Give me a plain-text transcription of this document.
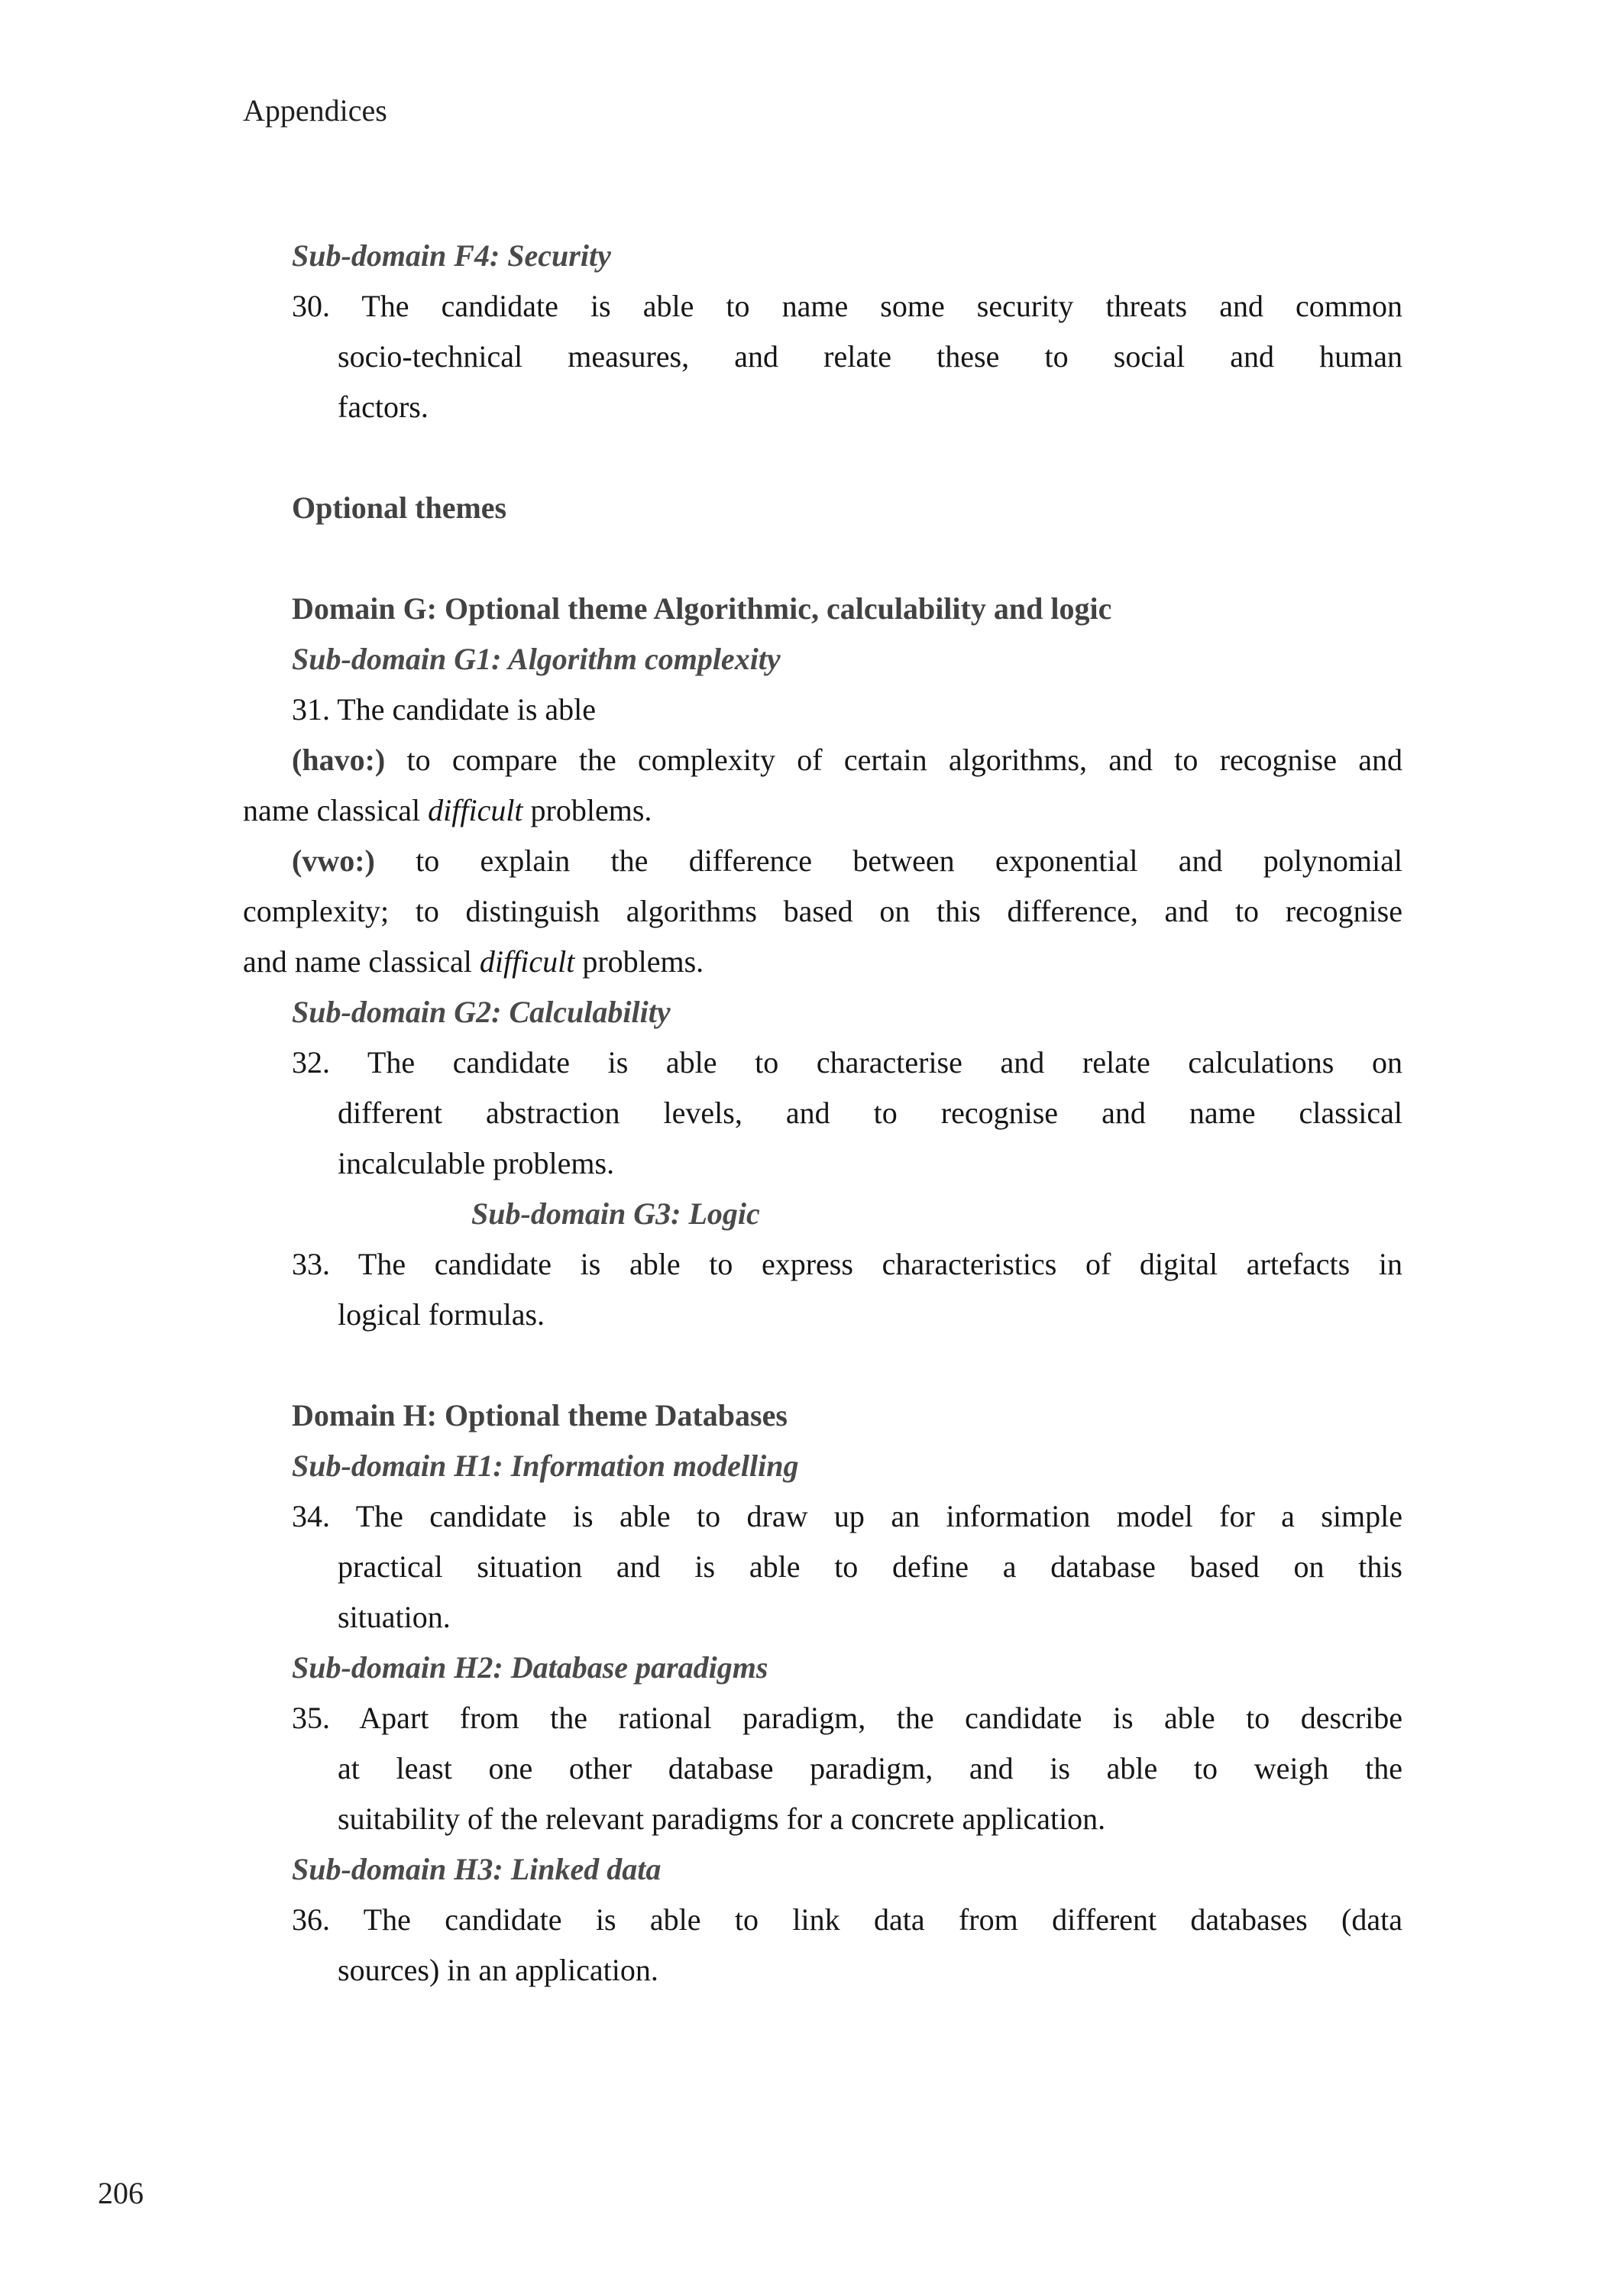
Appendices
Sub-domain F4: Security
30. The candidate is able to name some security threats and common
socio-technical measures, and relate these to social and human
factors.
Optional themes
Domain G: Optional theme Algorithmic, calculability and logic
Sub-domain G1: Algorithm complexity
31. The candidate is able
(havo:) to compare the complexity of certain algorithms, and to recognise and
name classical difficult problems.
(vwo:) to explain the difference between exponential and polynomial
complexity; to distinguish algorithms based on this difference, and to recognise
and name classical difficult problems.
Sub-domain G2: Calculability
32. The candidate is able to characterise and relate calculations on
different abstraction levels, and to recognise and name classical
incalculable problems.
Sub-domain G3: Logic
33. The candidate is able to express characteristics of digital artefacts in
logical formulas.
Domain H: Optional theme Databases
Sub-domain H1: Information modelling
34. The candidate is able to draw up an information model for a simple
practical situation and is able to define a database based on this
situation.
Sub-domain H2: Database paradigms
35. Apart from the rational paradigm, the candidate is able to describe
at least one other database paradigm, and is able to weigh the
suitability of the relevant paradigms for a concrete application.
Sub-domain H3: Linked data
36. The candidate is able to link data from different databases (data
sources) in an application.
206
